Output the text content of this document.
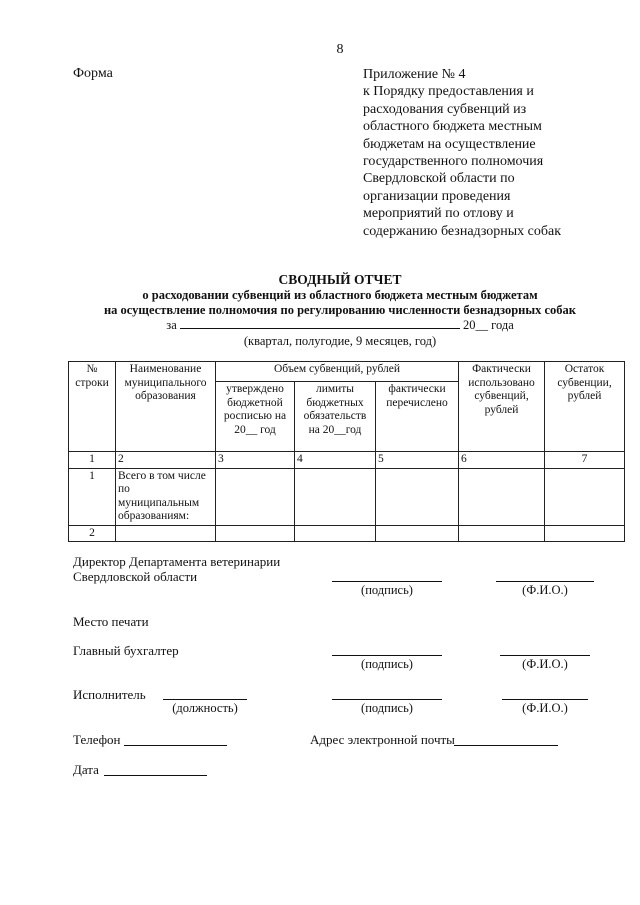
8
Форма	Приложение № 4
к Порядку предоставления и
расходования субвенций из
областного бюджета местным
бюджетам на осуществление
государственного полномочия
Свердловской области по
организации проведения
мероприятий по отлову и
содержанию безнадзорных собак
СВОДНЫЙ ОТЧЕТ
о расходовании субвенций из областного бюджета местным бюджетам
на осуществление полномочия по регулированию численности безнадзорных собак
за	20__ года
(квартал, полугодие, 9 месяцев, год)
№ строки	Наименование муниципального образования	Объем субвенций, рублей			Фактически использовано субвенций, рублей	Остаток субвенции, рублей
		утверждено бюджетной росписью на 20__ год	лимиты бюджетных обязательств на 20__год	фактически перечислено		
1	2	3	4	5	6	7
1	Всего в том числе по муниципальным образованиям:					
2						
Директор Департамента ветеринарии
Свердловской области
(подпись)	(Ф.И.О.)
Место печати
Главный бухгалтер
(подпись)	(Ф.И.О.)
Исполнитель
(должность)	(подпись)	(Ф.И.О.)
Телефон	Адрес электронной почты
Дата
